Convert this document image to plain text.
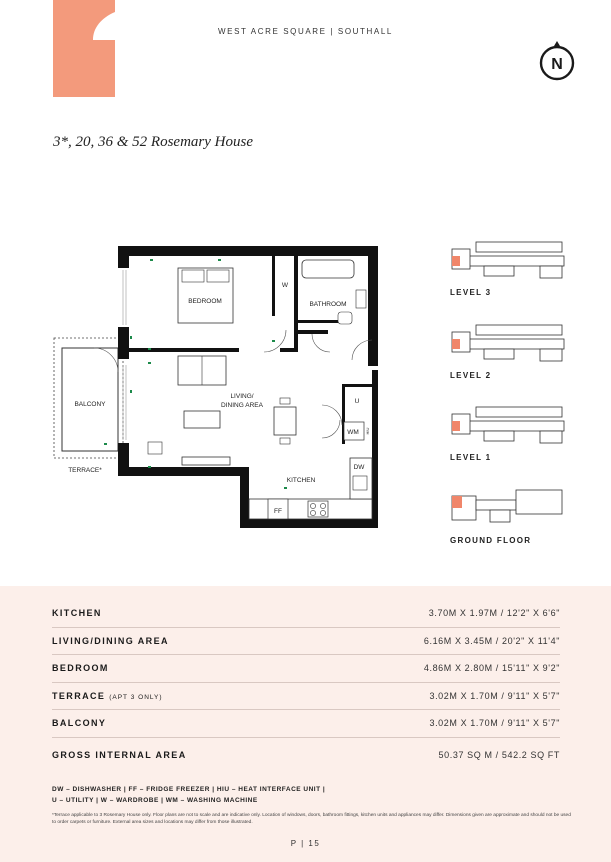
WEST ACRE SQUARE | SOUTHALL
N
3*, 20, 36 & 52 Rosemary House
BEDROOM
W
BATHROOM
LIVING/
DINING AREA
BALCONY
TERRACE*
U
WM
DW
KITCHEN
FF
HIU
LEVEL 3
LEVEL 2
LEVEL 1
GROUND FLOOR
KITCHEN	3.70M X 1.97M / 12'2" X 6'6"
LIVING/DINING AREA	6.16M X 3.45M / 20'2" X 11'4"
BEDROOM	4.86M X 2.80M / 15'11" X 9'2"
TERRACE (APT 3 ONLY)	3.02M X 1.70M / 9'11" X 5'7"
BALCONY	3.02M X 1.70M / 9'11" X 5'7"
GROSS INTERNAL AREA	50.37 SQ M / 542.2 SQ FT
DW – DISHWASHER | FF – FRIDGE FREEZER | HIU – HEAT INTERFACE UNIT |
U – UTILITY | W – WARDROBE | WM – WASHING MACHINE
*Terrace applicable to 3 Rosemary House only. Floor plans are not to scale and are indicative only. Location of windows, doors, bathroom fittings, kitchen units and appliances may differ. Dimensions given are approximate and should not be used to order carpets or furniture. External area sizes and locations may differ from those illustrated.
P | 15
